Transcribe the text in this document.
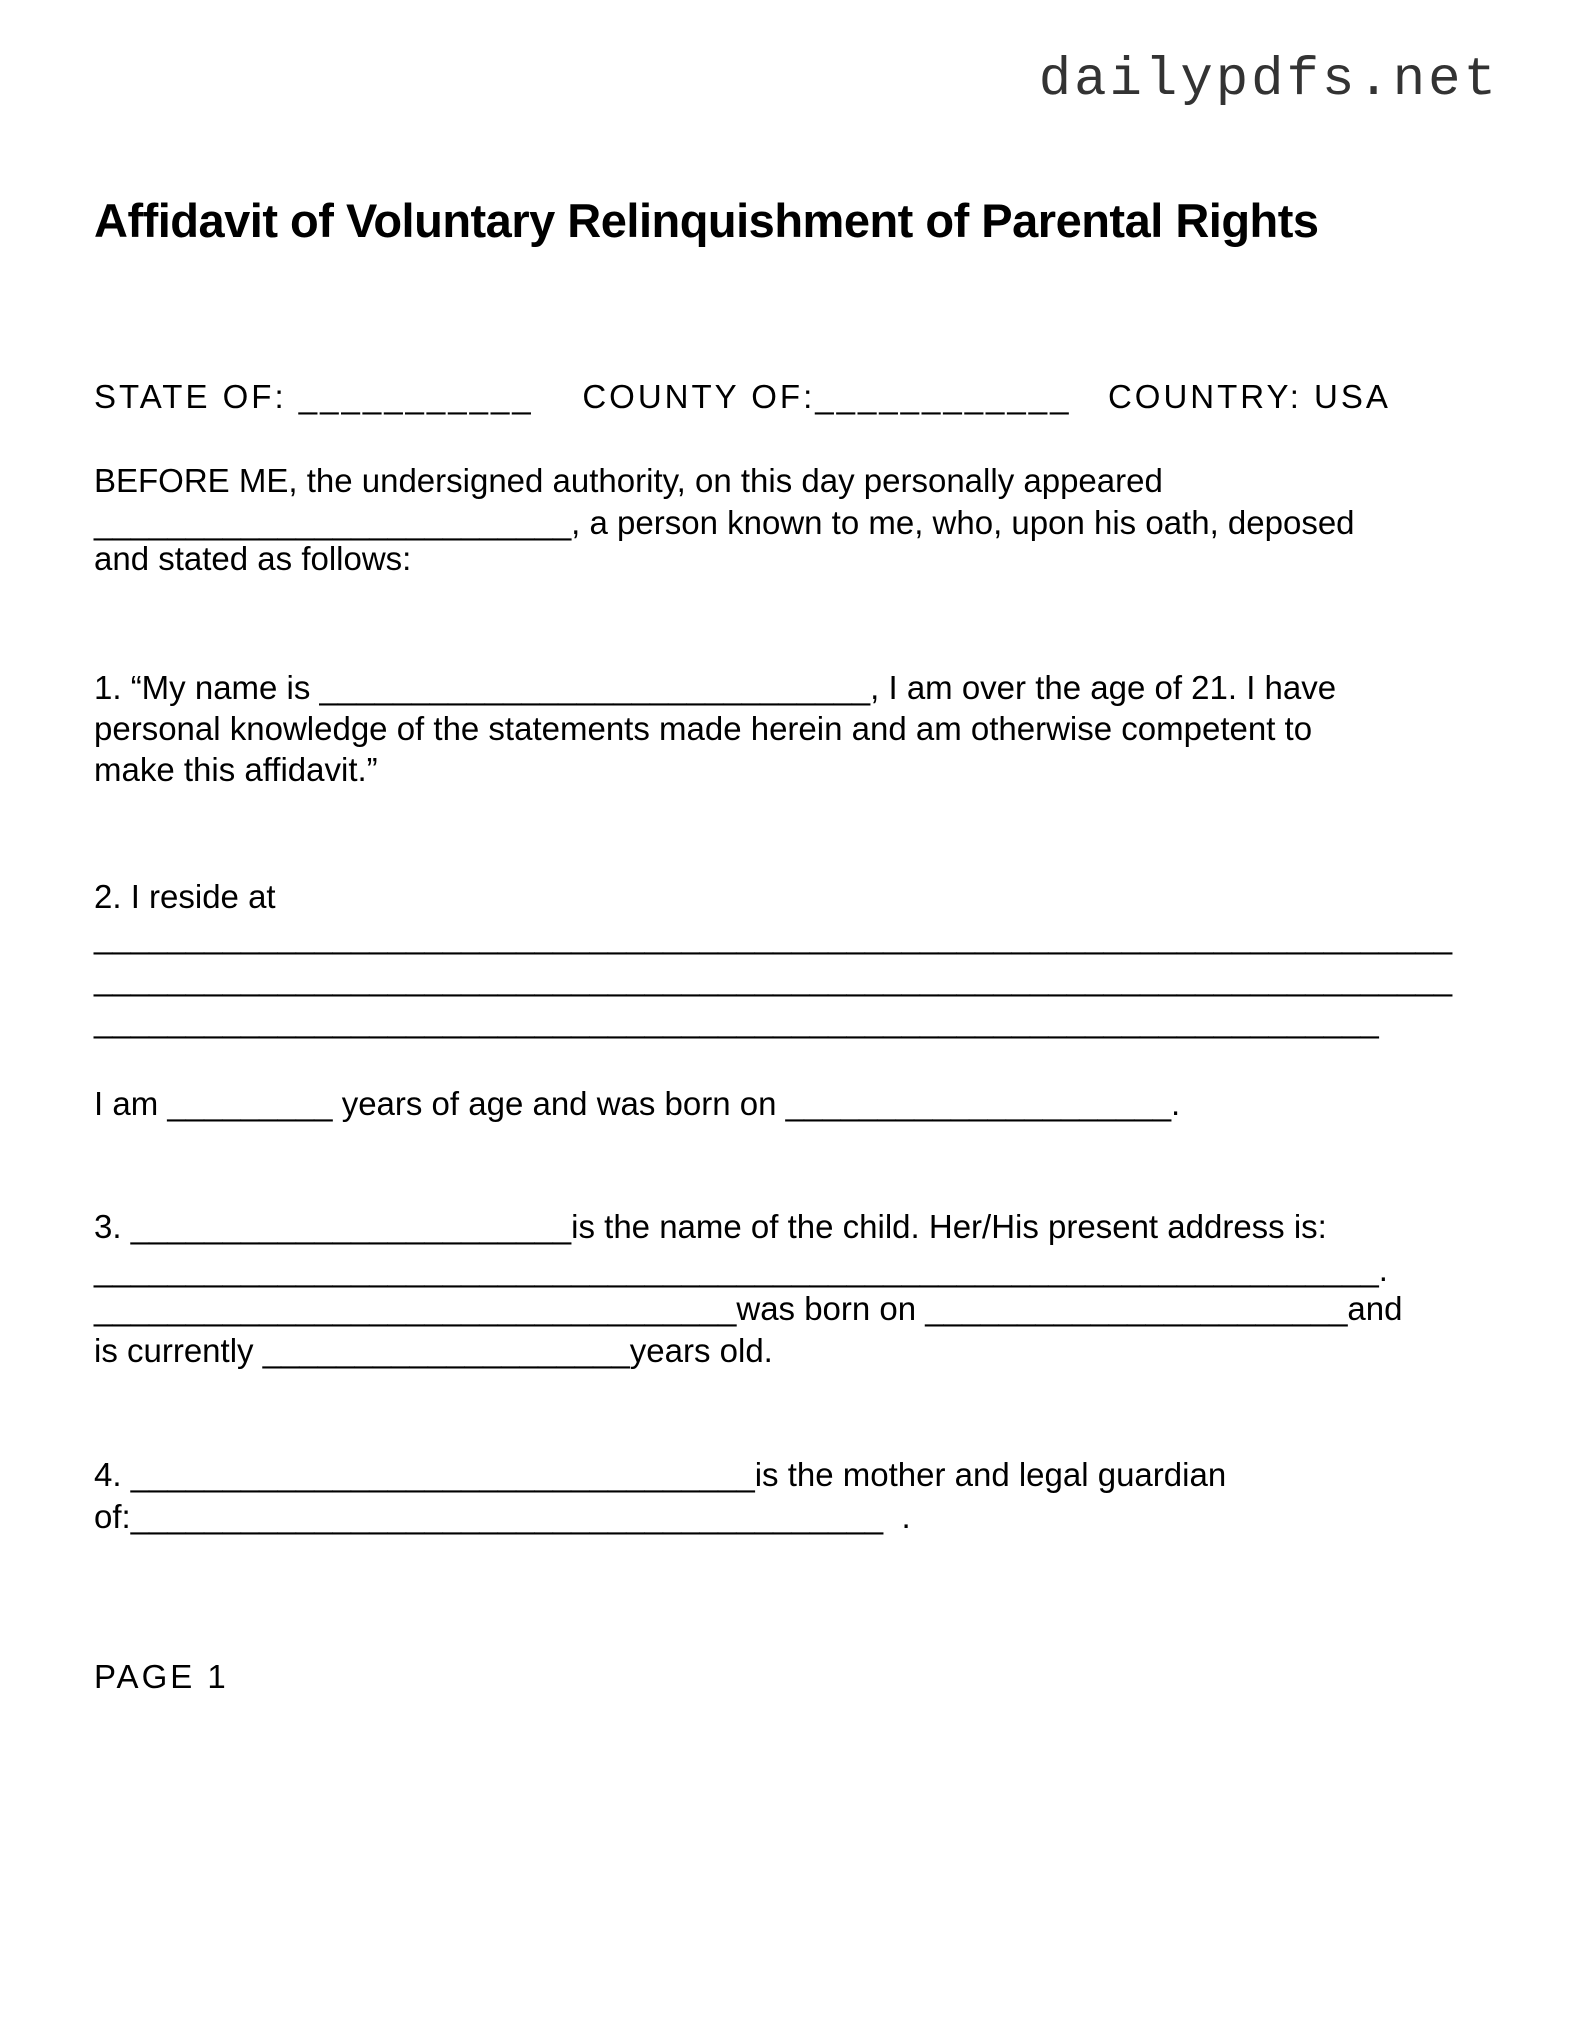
dailypdfs.net
Affidavit of Voluntary Relinquishment of Parental Rights
STATE OF: ___________    COUNTY OF:____________   COUNTRY: USA
BEFORE ME, the undersigned authority, on this day personally appeared
__________________________, a person known to me, who, upon his oath, deposed
and stated as follows:
1. “My name is ______________________________, I am over the age of 21. I have
personal knowledge of the statements made herein and am otherwise competent to
make this affidavit.”
2. I reside at
__________________________________________________________________________
__________________________________________________________________________
______________________________________________________________________
I am _________ years of age and was born on _____________________.
3. ________________________is the name of the child. Her/His present address is:
______________________________________________________________________.
___________________________________was born on _______________________and
is currently ____________________years old.
4. __________________________________is the mother and legal guardian
of:_________________________________________  .
PAGE 1
